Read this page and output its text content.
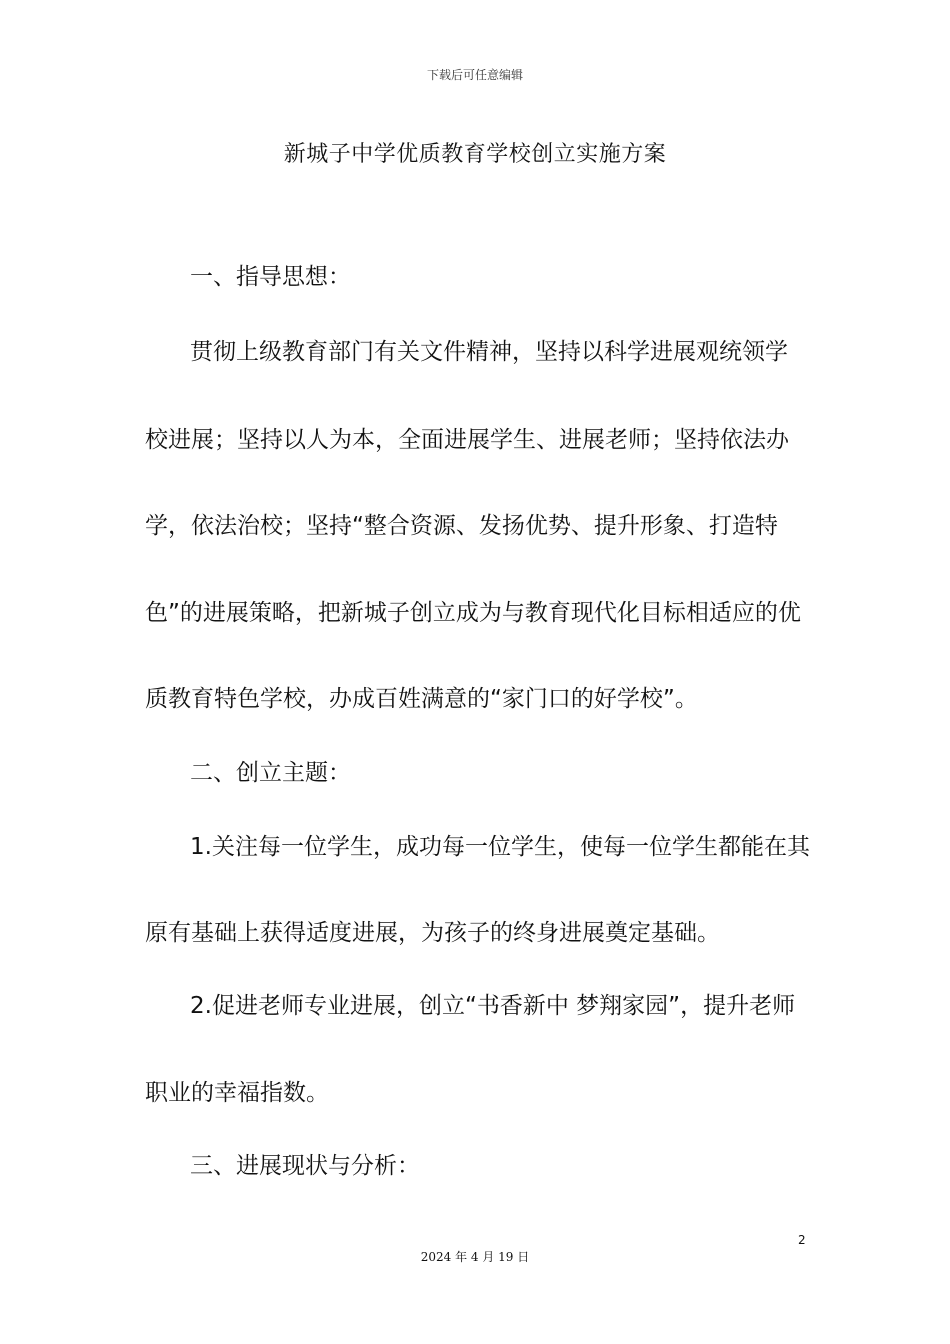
下载后可任意编辑
新城子中学优质教育学校创立实施方案
一、指导思想：
贯彻上级教育部门有关文件精神，坚持以科学进展观统领学
校进展；坚持以人为本，全面进展学生、进展老师；坚持依法办
学，依法治校；坚持“整合资源、发扬优势、提升形象、打造特
色”的进展策略，把新城子创立成为与教育现代化目标相适应的优
质教育特色学校，办成百姓满意的“家门口的好学校”。
二、创立主题：
1.关注每一位学生，成功每一位学生，使每一位学生都能在其
原有基础上获得适度进展，为孩子的终身进展奠定基础。
2.促进老师专业进展，创立“书香新中 梦翔家园”，提升老师
职业的幸福指数。
三、进展现状与分析：
2
2024 年 4 月 19 日
